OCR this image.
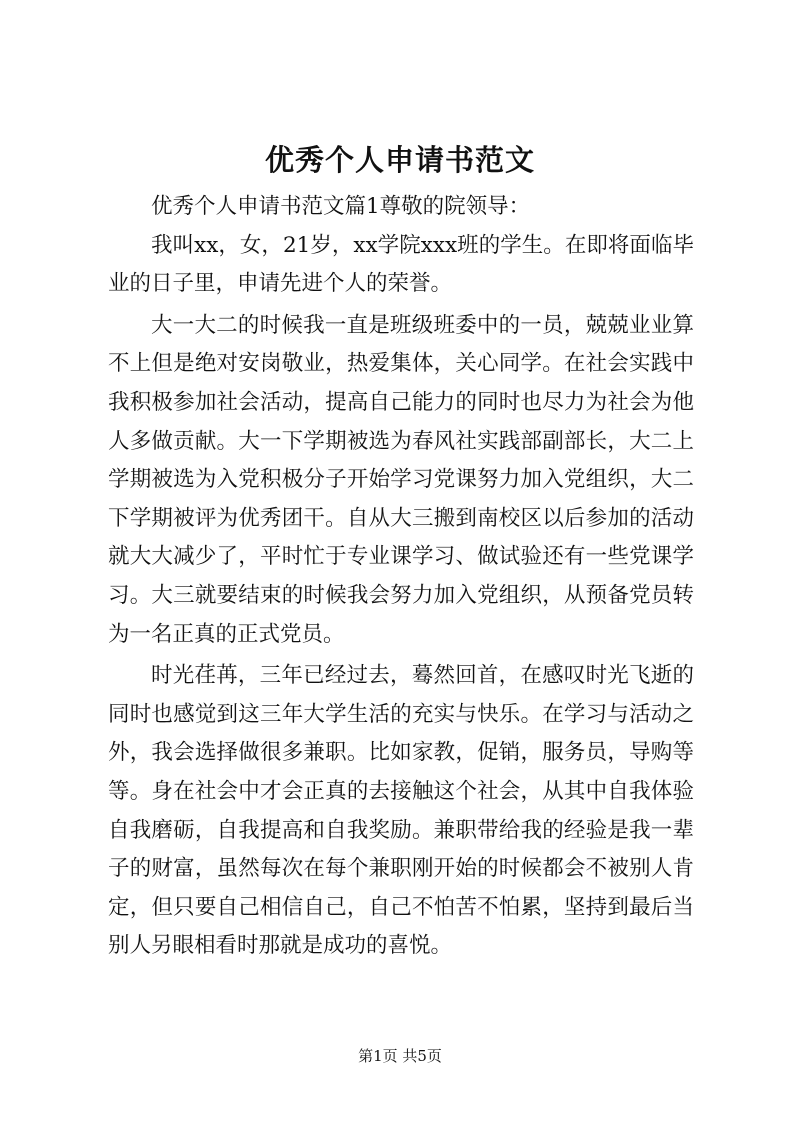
优秀个人申请书范文

优秀个人申请书范文篇1尊敬的院领导：

我叫xx，女，21岁，xx学院xxx班的学生。在即将面临毕业的日子里，申请先进个人的荣誉。

大一大二的时候我一直是班级班委中的一员，兢兢业业算不上但是绝对安岗敬业，热爱集体，关心同学。在社会实践中我积极参加社会活动，提高自己能力的同时也尽力为社会为他人多做贡献。大一下学期被选为春风社实践部副部长，大二上学期被选为入党积极分子开始学习党课努力加入党组织，大二下学期被评为优秀团干。自从大三搬到南校区以后参加的活动就大大减少了，平时忙于专业课学习、做试验还有一些党课学习。大三就要结束的时候我会努力加入党组织，从预备党员转为一名正真的正式党员。

时光荏苒，三年已经过去，蓦然回首，在感叹时光飞逝的同时也感觉到这三年大学生活的充实与快乐。在学习与活动之外，我会选择做很多兼职。比如家教，促销，服务员，导购等等。身在社会中才会正真的去接触这个社会，从其中自我体验自我磨砺，自我提高和自我奖励。兼职带给我的经验是我一辈子的财富，虽然每次在每个兼职刚开始的时候都会不被别人肯定，但只要自己相信自己，自己不怕苦不怕累，坚持到最后当别人另眼相看时那就是成功的喜悦。

第1页 共5页
